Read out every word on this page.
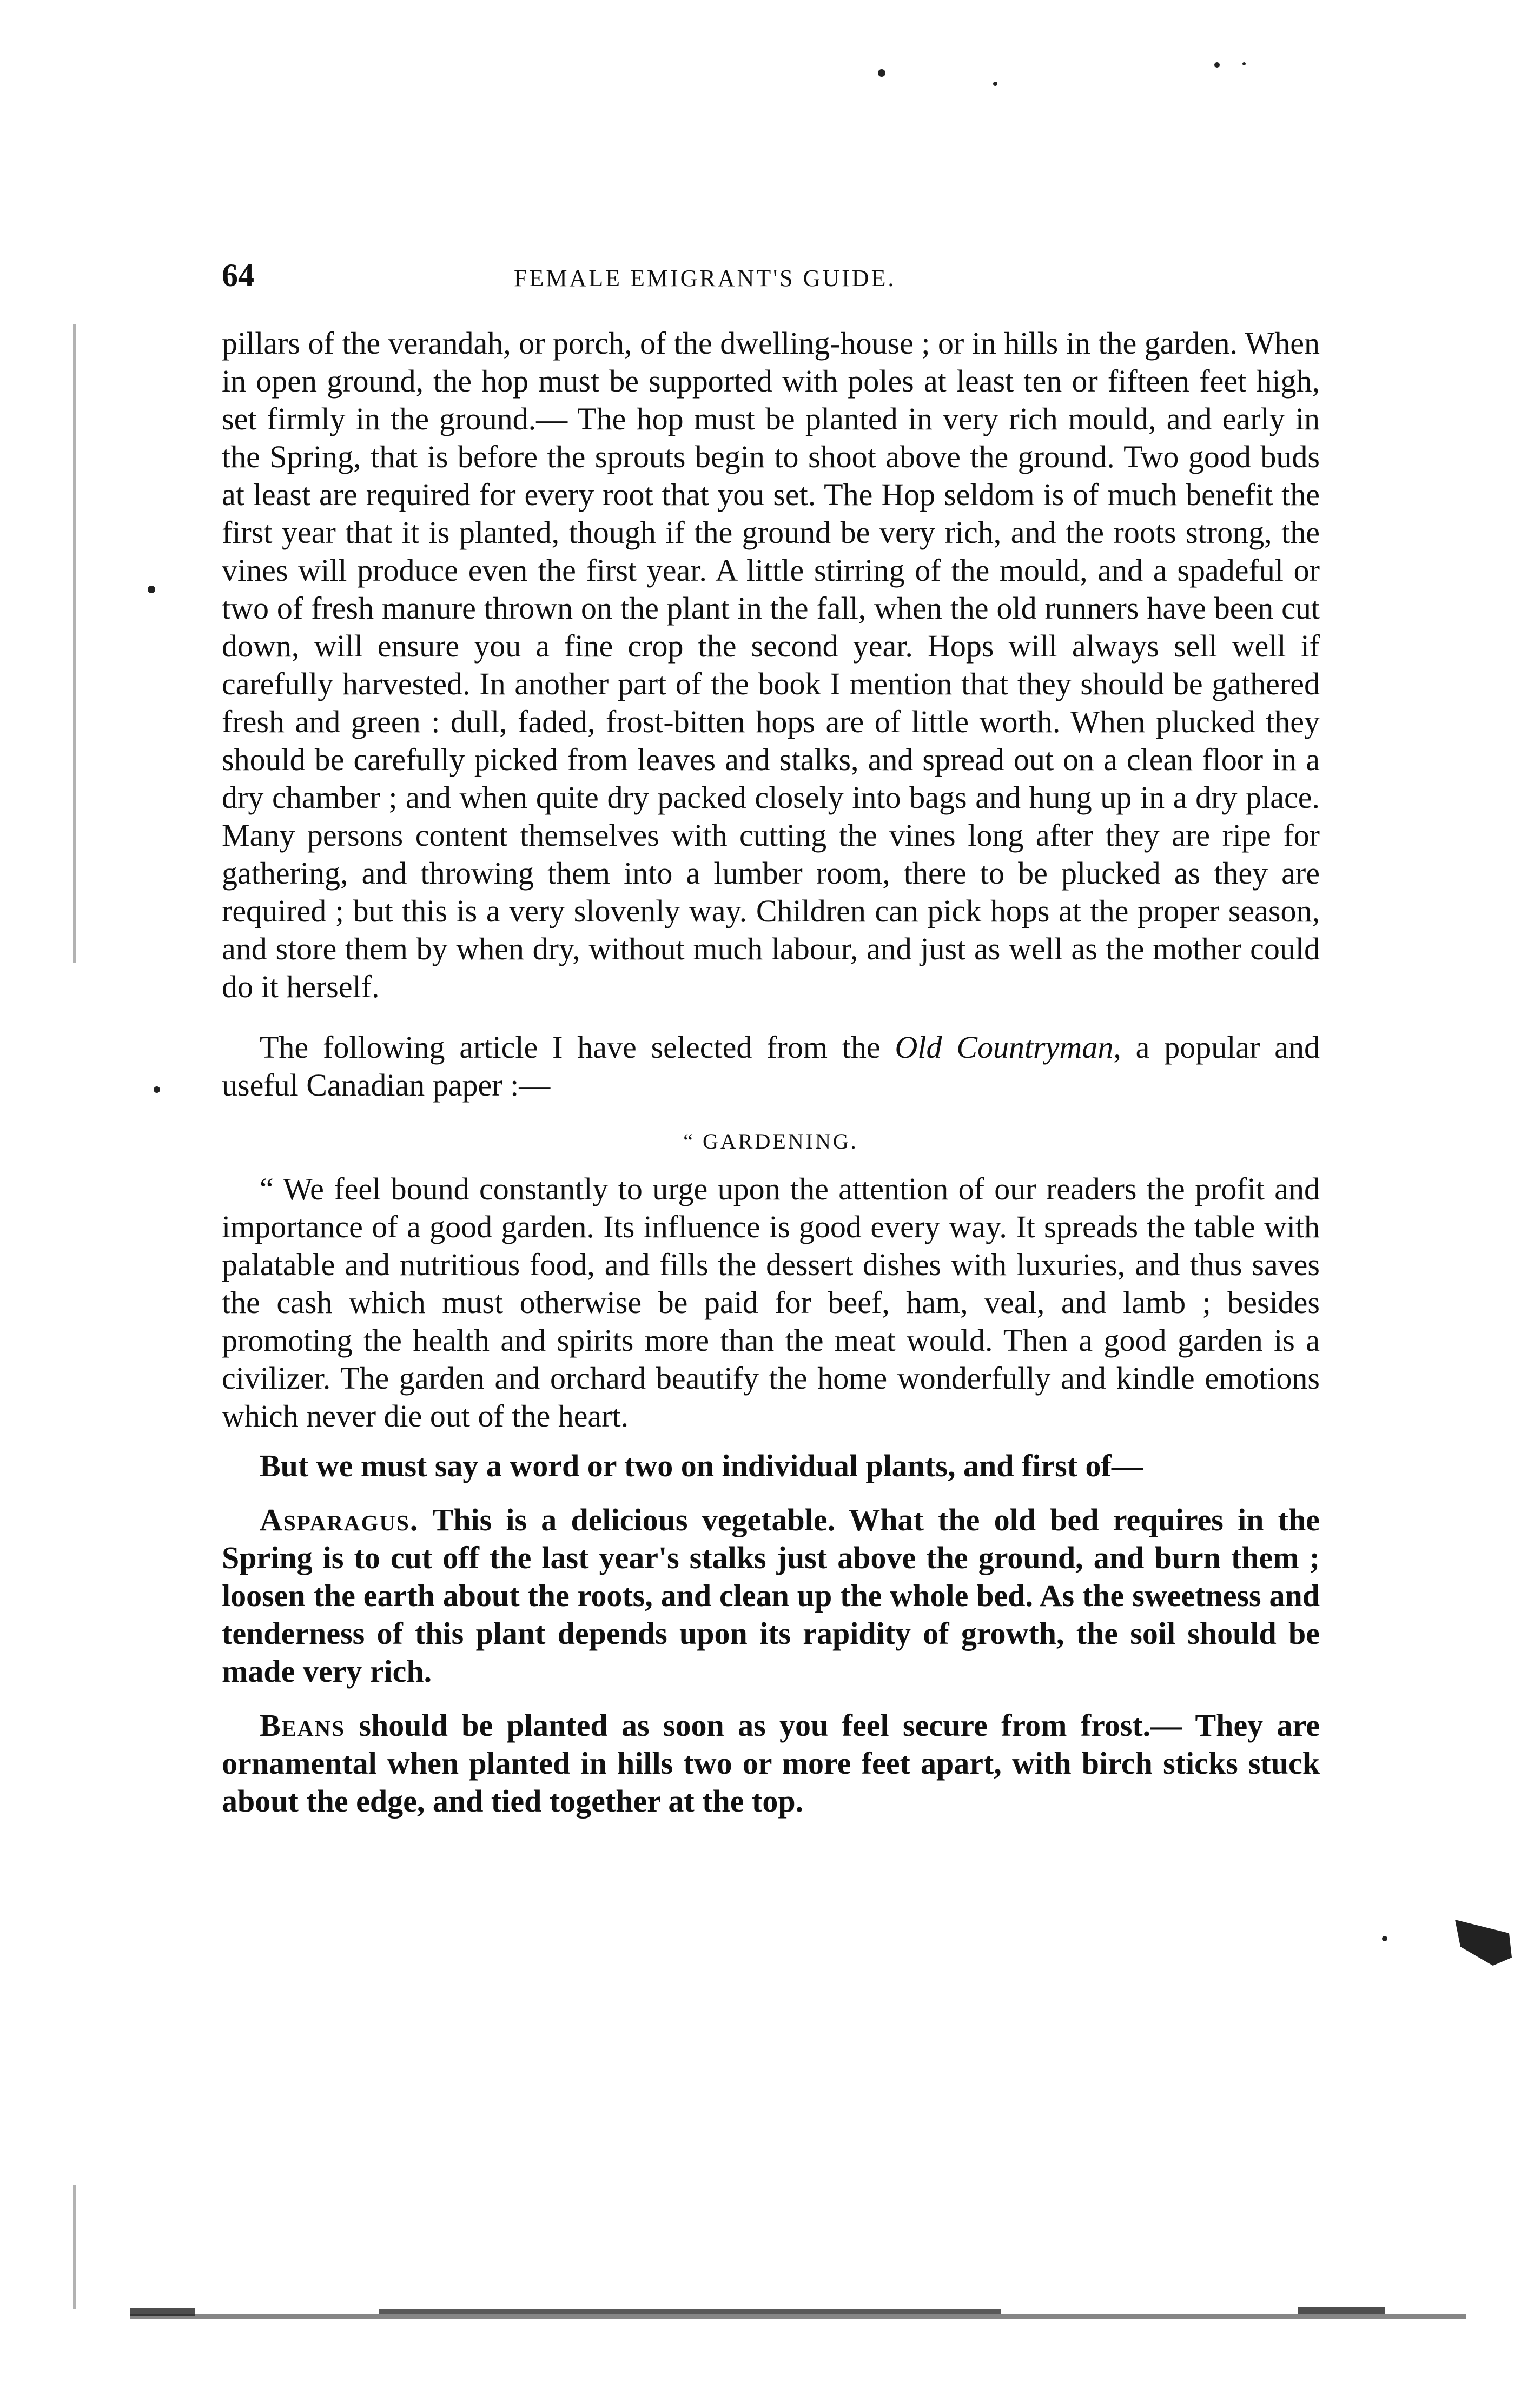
64	FEMALE EMIGRANT'S GUIDE.

pillars of the verandah, or porch, of the dwelling-house ; or in hills in the garden. When in open ground, the hop must be supported with poles at least ten or fifteen feet high, set firmly in the ground.— The hop must be planted in very rich mould, and early in the Spring, that is before the sprouts begin to shoot above the ground. Two good buds at least are required for every root that you set. The Hop seldom is of much benefit the first year that it is planted, though if the ground be very rich, and the roots strong, the vines will produce even the first year. A little stirring of the mould, and a spadeful or two of fresh manure thrown on the plant in the fall, when the old runners have been cut down, will ensure you a fine crop the second year. Hops will always sell well if carefully harvested. In another part of the book I mention that they should be gathered fresh and green : dull, faded, frost-bitten hops are of little worth. When plucked they should be carefully picked from leaves and stalks, and spread out on a clean floor in a dry chamber ; and when quite dry packed closely into bags and hung up in a dry place. Many persons content themselves with cutting the vines long after they are ripe for gathering, and throwing them into a lumber room, there to be plucked as they are required ; but this is a very slovenly way. Children can pick hops at the proper season, and store them by when dry, without much labour, and just as well as the mother could do it herself.

The following article I have selected from the Old Countryman, a popular and useful Canadian paper :—

“ GARDENING.

“ We feel bound constantly to urge upon the attention of our readers the profit and importance of a good garden. Its influence is good every way. It spreads the table with palatable and nutritious food, and fills the dessert dishes with luxuries, and thus saves the cash which must otherwise be paid for beef, ham, veal, and lamb ; besides promoting the health and spirits more than the meat would. Then a good garden is a civilizer. The garden and orchard beautify the home wonderfully and kindle emotions which never die out of the heart.

But we must say a word or two on individual plants, and first of—

Asparagus. This is a delicious vegetable. What the old bed requires in the Spring is to cut off the last year's stalks just above the ground, and burn them ; loosen the earth about the roots, and clean up the whole bed. As the sweetness and tenderness of this plant depends upon its rapidity of growth, the soil should be made very rich.

Beans should be planted as soon as you feel secure from frost.— They are ornamental when planted in hills two or more feet apart, with birch sticks stuck about the edge, and tied together at the top.
